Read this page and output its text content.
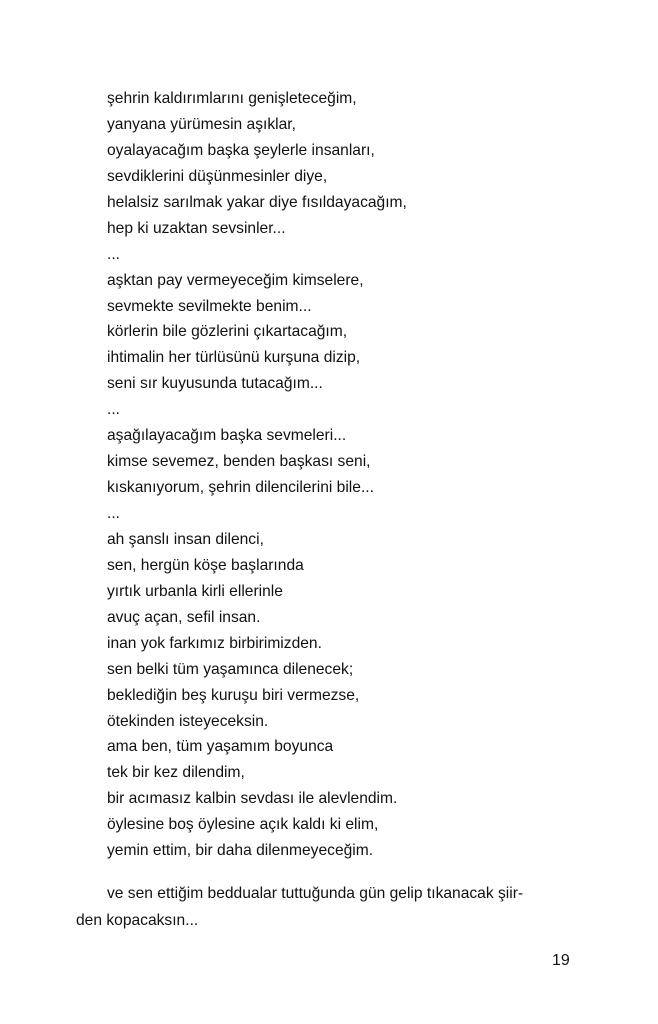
şehrin kaldırımlarını genişleteceğim,
yanyana yürümesin aşıklar,
oyalayacağım başka şeylerle insanları,
sevdiklerini düşünmesinler diye,
helalsiz sarılmak yakar diye fısıldayacağım,
hep ki uzaktan sevsinler...
...
aşktan pay vermeyeceğim kimselere,
sevmekte sevilmekte benim...
körlerin bile gözlerini çıkartacağım,
ihtimalin her türlüsünü kurşuna dizip,
seni sır kuyusunda tutacağım...
...
aşağılayacağım başka sevmeleri...
kimse sevemez, benden başkası seni,
kıskanıyorum, şehrin dilencilerini bile...
...
ah şanslı insan dilenci,
sen, hergün köşe başlarında
yırtık urbanla kirli ellerinle
avuç açan, sefil insan.
inan yok farkımız birbirimizden.
sen belki tüm yaşamınca dilenecek;
beklediğin beş kuruşu biri vermezse,
ötekinden isteyeceksin.
ama ben, tüm yaşamım boyunca
tek bir kez dilendim,
bir acımasız kalbin sevdası ile alevlendim.
öylesine boş öylesine açık kaldı ki elim,
yemin ettim, bir daha dilenmeyeceğim.

ve sen ettiğim beddualar tuttuğunda gün gelip tıkanacak şiir-
den kopacaksın...

19
